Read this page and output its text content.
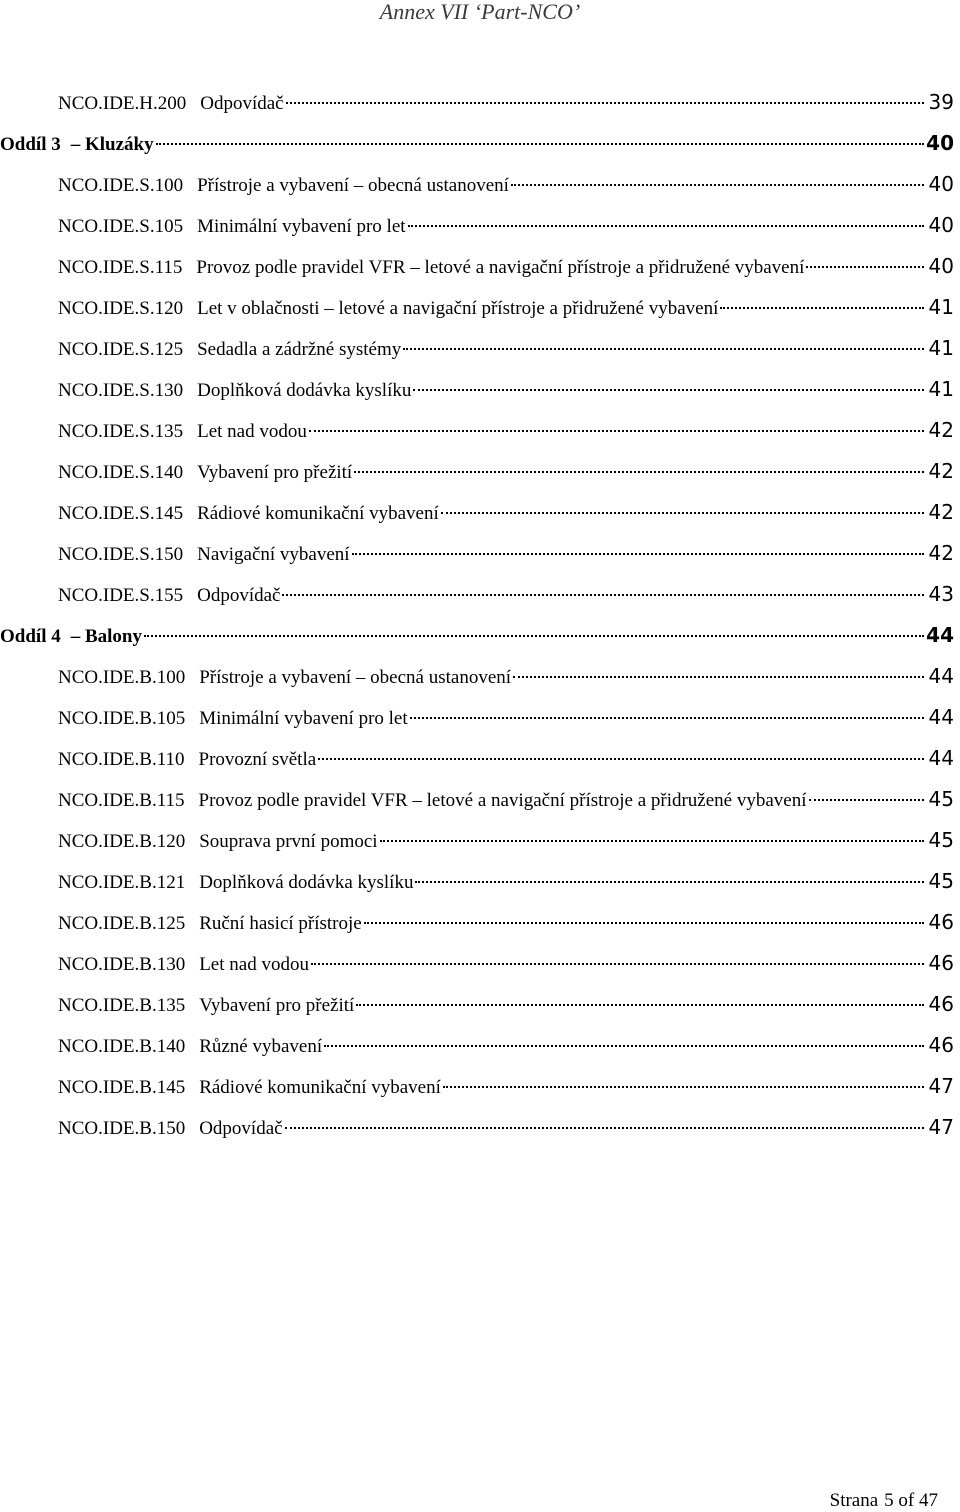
Annex VII ‘Part-NCO’
NCO.IDE.H.200 Odpovídač	39
Oddíl 3 – Kluzáky	40
NCO.IDE.S.100 Přístroje a vybavení – obecná ustanovení	40
NCO.IDE.S.105 Minimální vybavení pro let	40
NCO.IDE.S.115 Provoz podle pravidel VFR – letové a navigační přístroje a přidružené vybavení	40
NCO.IDE.S.120 Let v oblačnosti – letové a navigační přístroje a přidružené vybavení	41
NCO.IDE.S.125 Sedadla a zádržné systémy	41
NCO.IDE.S.130 Doplňková dodávka kyslíku	41
NCO.IDE.S.135 Let nad vodou	42
NCO.IDE.S.140 Vybavení pro přežití	42
NCO.IDE.S.145 Rádiové komunikační vybavení	42
NCO.IDE.S.150 Navigační vybavení	42
NCO.IDE.S.155 Odpovídač	43
Oddíl 4 – Balony	44
NCO.IDE.B.100 Přístroje a vybavení – obecná ustanovení	44
NCO.IDE.B.105 Minimální vybavení pro let	44
NCO.IDE.B.110 Provozní světla	44
NCO.IDE.B.115 Provoz podle pravidel VFR – letové a navigační přístroje a přidružené vybavení	45
NCO.IDE.B.120 Souprava první pomoci	45
NCO.IDE.B.121 Doplňková dodávka kyslíku	45
NCO.IDE.B.125 Ruční hasicí přístroje	46
NCO.IDE.B.130 Let nad vodou	46
NCO.IDE.B.135 Vybavení pro přežití	46
NCO.IDE.B.140 Různé vybavení	46
NCO.IDE.B.145 Rádiové komunikační vybavení	47
NCO.IDE.B.150 Odpovídač	47
Strana 5 of 47
